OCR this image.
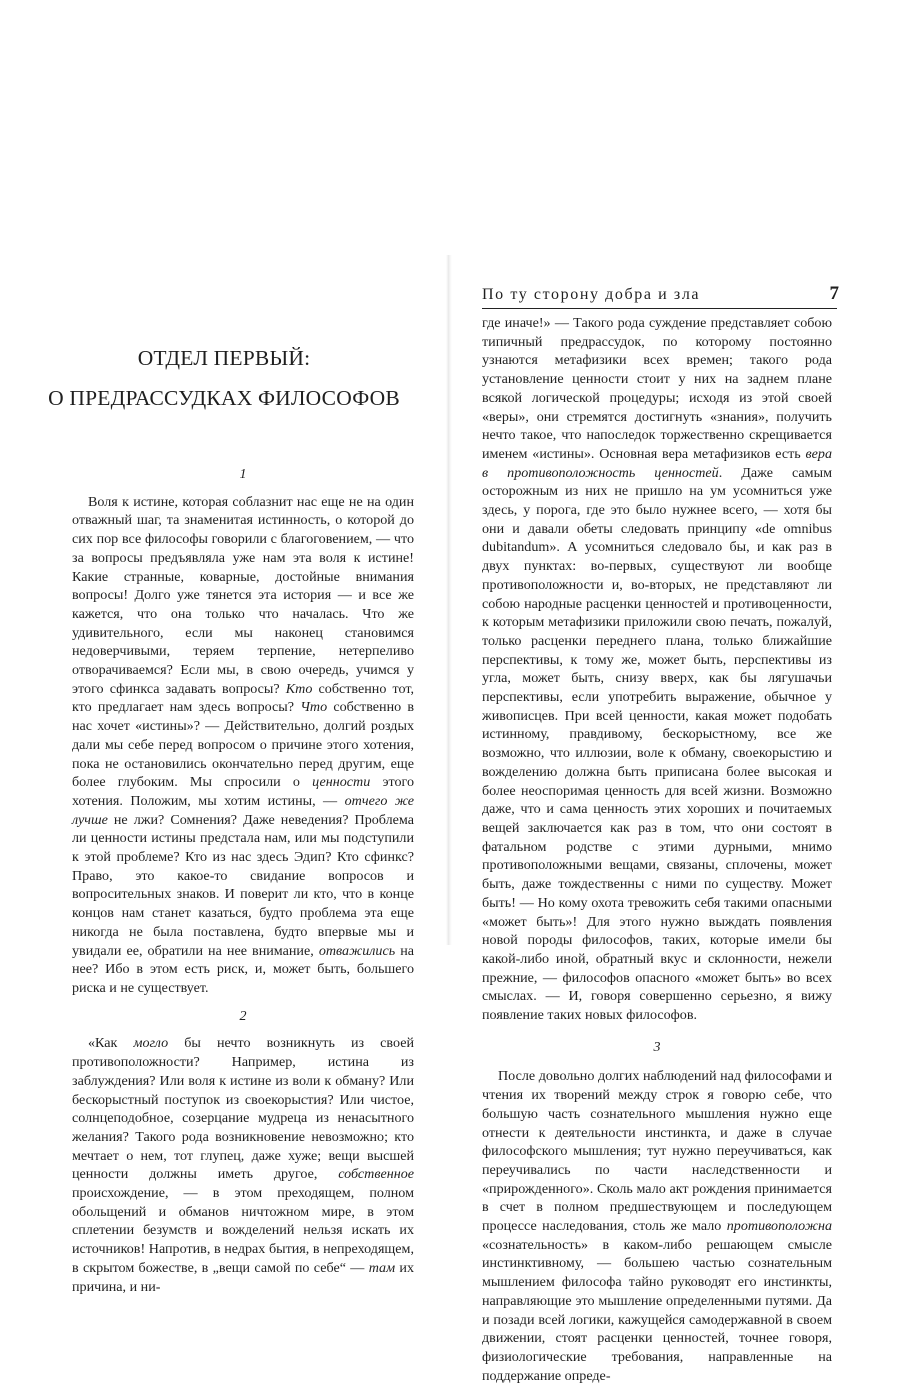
ОТДЕЛ ПЕРВЫЙ:

О ПРЕДРАССУДКАХ ФИЛОСОФОВ

1

Воля к истине, которая соблазнит нас еще не на один отважный шаг, та знаменитая истинность, о которой до сих пор все философы говорили с благоговением, — что за вопросы предъявляла уже нам эта воля к истине! Какие странные, коварные, достойные внимания вопросы! Долго уже тянется эта история — и все же кажется, что она только что началась. Что же удивительного, если мы наконец становимся недоверчивыми, теряем терпение, нетерпеливо отворачиваемся? Если мы, в свою очередь, учимся у этого сфинкса задавать вопросы? Кто собственно тот, кто предлагает нам здесь вопросы? Что собственно в нас хочет «истины»? — Действительно, долгий роздых дали мы себе перед вопросом о причине этого хотения, пока не остановились окончательно перед другим, еще более глубоким. Мы спросили о ценности этого хотения. Положим, мы хотим истины, — отчего же лучше не лжи? Сомнения? Даже неведения? Проблема ли ценности истины предстала нам, или мы подступили к этой проблеме? Кто из нас здесь Эдип? Кто сфинкс? Право, это какое-то свидание вопросов и вопросительных знаков. И поверит ли кто, что в конце концов нам станет казаться, будто проблема эта еще никогда не была поставлена, будто впервые мы и увидали ее, обратили на нее внимание, отважились на нее? Ибо в этом есть риск, и, может быть, большего риска и не существует.

2

«Как могло бы нечто возникнуть из своей противоположности? Например, истина из заблуждения? Или воля к истине из воли к обману? Или бескорыстный поступок из своекорыстия? Или чистое, солнцеподобное, созерцание мудреца из ненасытного желания? Такого рода возникновение невозможно; кто мечтает о нем, тот глупец, даже хуже; вещи высшей ценности должны иметь другое, собственное происхождение, — в этом преходящем, полном обольщений и обманов ничтожном мире, в этом сплетении безумств и вожделений нельзя искать их источников! Напротив, в недрах бытия, в непреходящем, в скрытом божестве, в „вещи самой по себе“ — там их причина, и ни-

По ту сторону добра и зла	7

где иначе!» — Такого рода суждение представляет собою типичный предрассудок, по которому постоянно узнаются метафизики всех времен; такого рода установление ценности стоит у них на заднем плане всякой логической процедуры; исходя из этой своей «веры», они стремятся достигнуть «знания», получить нечто такое, что напоследок торжественно скрещивается именем «истины». Основная вера метафизиков есть вера в противоположность ценностей. Даже самым осторожным из них не пришло на ум усомниться уже здесь, у порога, где это было нужнее всего, — хотя бы они и давали обеты следовать принципу «de omnibus dubitandum». А усомниться следовало бы, и как раз в двух пунктах: во-первых, существуют ли вообще противоположности и, во-вторых, не представляют ли собою народные расценки ценностей и противоценности, к которым метафизики приложили свою печать, пожалуй, только расценки переднего плана, только ближайшие перспективы, к тому же, может быть, перспективы из угла, может быть, снизу вверх, как бы лягушачьи перспективы, если употребить выражение, обычное у живописцев. При всей ценности, какая может подобать истинному, правдивому, бескорыстному, все же возможно, что иллюзии, воле к обману, своекорыстию и вожделению должна быть приписана более высокая и более неоспоримая ценность для всей жизни. Возможно даже, что и сама ценность этих хороших и почитаемых вещей заключается как раз в том, что они состоят в фатальном родстве с этими дурными, мнимо противоположными вещами, связаны, сплочены, может быть, даже тождественны с ними по существу. Может быть! — Но кому охота тревожить себя такими опасными «может быть»! Для этого нужно выждать появления новой породы философов, таких, которые имели бы какой-либо иной, обратный вкус и склонности, нежели прежние, — философов опасного «может быть» во всех смыслах. — И, говоря совершенно серьезно, я вижу появление таких новых философов.

3

После довольно долгих наблюдений над философами и чтения их творений между строк я говорю себе, что большую часть сознательного мышления нужно еще отнести к деятельности инстинкта, и даже в случае философского мышления; тут нужно переучиваться, как переучивались по части наследственности и «прирожденного». Сколь мало акт рождения принимается в счет в полном предшествующем и последующем процессе наследования, столь же мало противоположна «сознательность» в каком-либо решающем смысле инстинктивному, — большею частью сознательным мышлением философа тайно руководят его инстинкты, направляющие это мышление определенными путями. Да и позади всей логики, кажущейся самодержавной в своем движении, стоят расценки ценностей, точнее говоря, физиологические требования, направленные на поддержание опреде-
